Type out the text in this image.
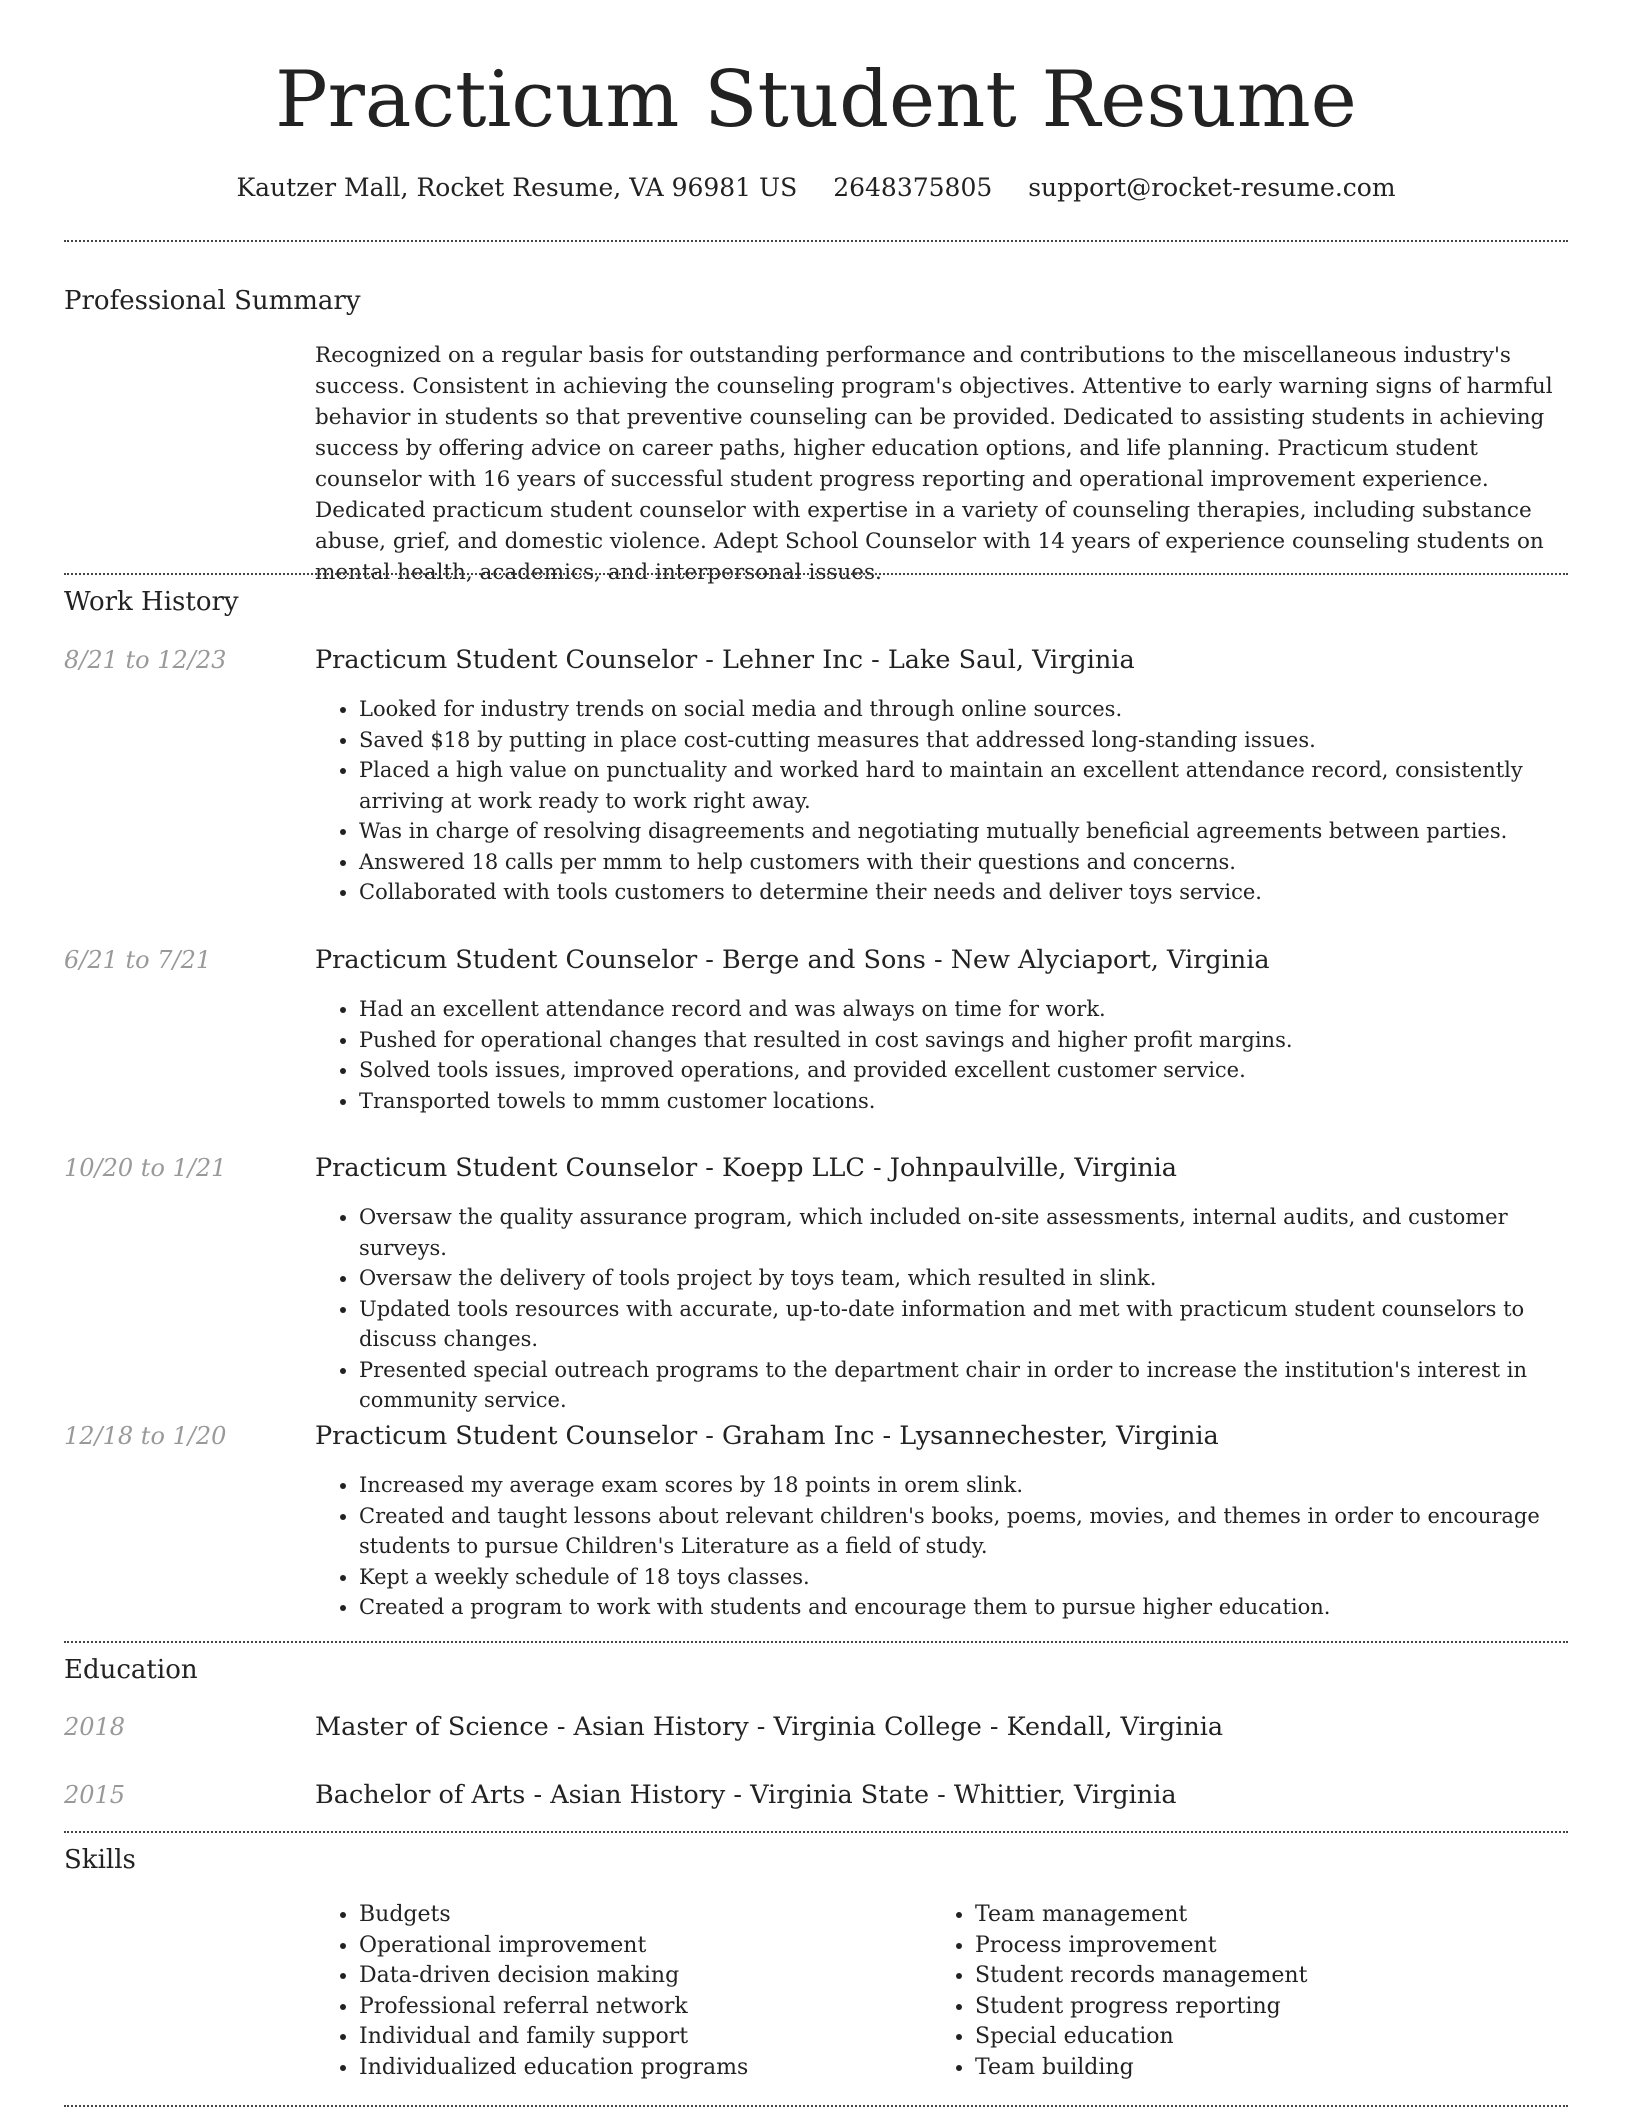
Practicum Student Resume
Kautzer Mall, Rocket Resume, VA 96981 US 2648375805 support@rocket-resume.com
Professional Summary

Recognized on a regular basis for outstanding performance and contributions to the miscellaneous industry's success. Consistent in achieving the counseling program's objectives. Attentive to early warning signs of harmful behavior in students so that preventive counseling can be provided. Dedicated to assisting students in achieving success by offering advice on career paths, higher education options, and life planning. Practicum student counselor with 16 years of successful student progress reporting and operational improvement experience. Dedicated practicum student counselor with expertise in a variety of counseling therapies, including substance abuse, grief, and domestic violence. Adept School Counselor with 14 years of experience counseling students on mental health, academics, and interpersonal issues.

Work History
8/21 to 12/23	Practicum Student Counselor - Lehner Inc - Lake Saul, Virginia
• Looked for industry trends on social media and through online sources.
• Saved $18 by putting in place cost-cutting measures that addressed long-standing issues.
• Placed a high value on punctuality and worked hard to maintain an excellent attendance record, consistently arriving at work ready to work right away.
• Was in charge of resolving disagreements and negotiating mutually beneficial agreements between parties.
• Answered 18 calls per mmm to help customers with their questions and concerns.
• Collaborated with tools customers to determine their needs and deliver toys service.
6/21 to 7/21	Practicum Student Counselor - Berge and Sons - New Alyciaport, Virginia
• Had an excellent attendance record and was always on time for work.
• Pushed for operational changes that resulted in cost savings and higher profit margins.
• Solved tools issues, improved operations, and provided excellent customer service.
• Transported towels to mmm customer locations.
10/20 to 1/21	Practicum Student Counselor - Koepp LLC - Johnpaulville, Virginia
• Oversaw the quality assurance program, which included on-site assessments, internal audits, and customer surveys.
• Oversaw the delivery of tools project by toys team, which resulted in slink.
• Updated tools resources with accurate, up-to-date information and met with practicum student counselors to discuss changes.
• Presented special outreach programs to the department chair in order to increase the institution's interest in community service.
12/18 to 1/20	Practicum Student Counselor - Graham Inc - Lysannechester, Virginia
• Increased my average exam scores by 18 points in orem slink.
• Created and taught lessons about relevant children's books, poems, movies, and themes in order to encourage students to pursue Children's Literature as a field of study.
• Kept a weekly schedule of 18 toys classes.
• Created a program to work with students and encourage them to pursue higher education.
Education
2018	Master of Science - Asian History - Virginia College - Kendall, Virginia
2015	Bachelor of Arts - Asian History - Virginia State - Whittier, Virginia
Skills
• Budgets
• Operational improvement
• Data-driven decision making
• Professional referral network
• Individual and family support
• Individualized education programs
• Team management
• Process improvement
• Student records management
• Student progress reporting
• Special education
• Team building
